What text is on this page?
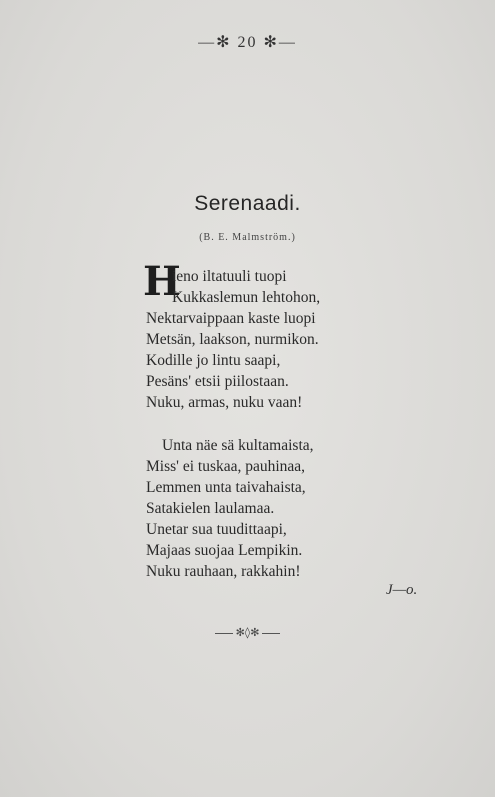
—✻ 20 ✻—
Serenaadi.
(B. E. Malmström.)
H
ieno iltatuuli tuopi
Kukkaslemun lehtohon,
Nektarvaippaan kaste luopi
Metsän, laakson, nurmikon.
Kodille jo lintu saapi,
Pesäns' etsii piilostaan.
Nuku, armas, nuku vaan!
Unta näe sä kultamaista,
Miss' ei tuskaa, pauhinaa,
Lemmen unta taivahaista,
Satakielen laulamaa.
Unetar sua tuudittaapi,
Majaas suojaa Lempikin.
Nuku rauhaan, rakkahin!
J—o.
✻◊✻
